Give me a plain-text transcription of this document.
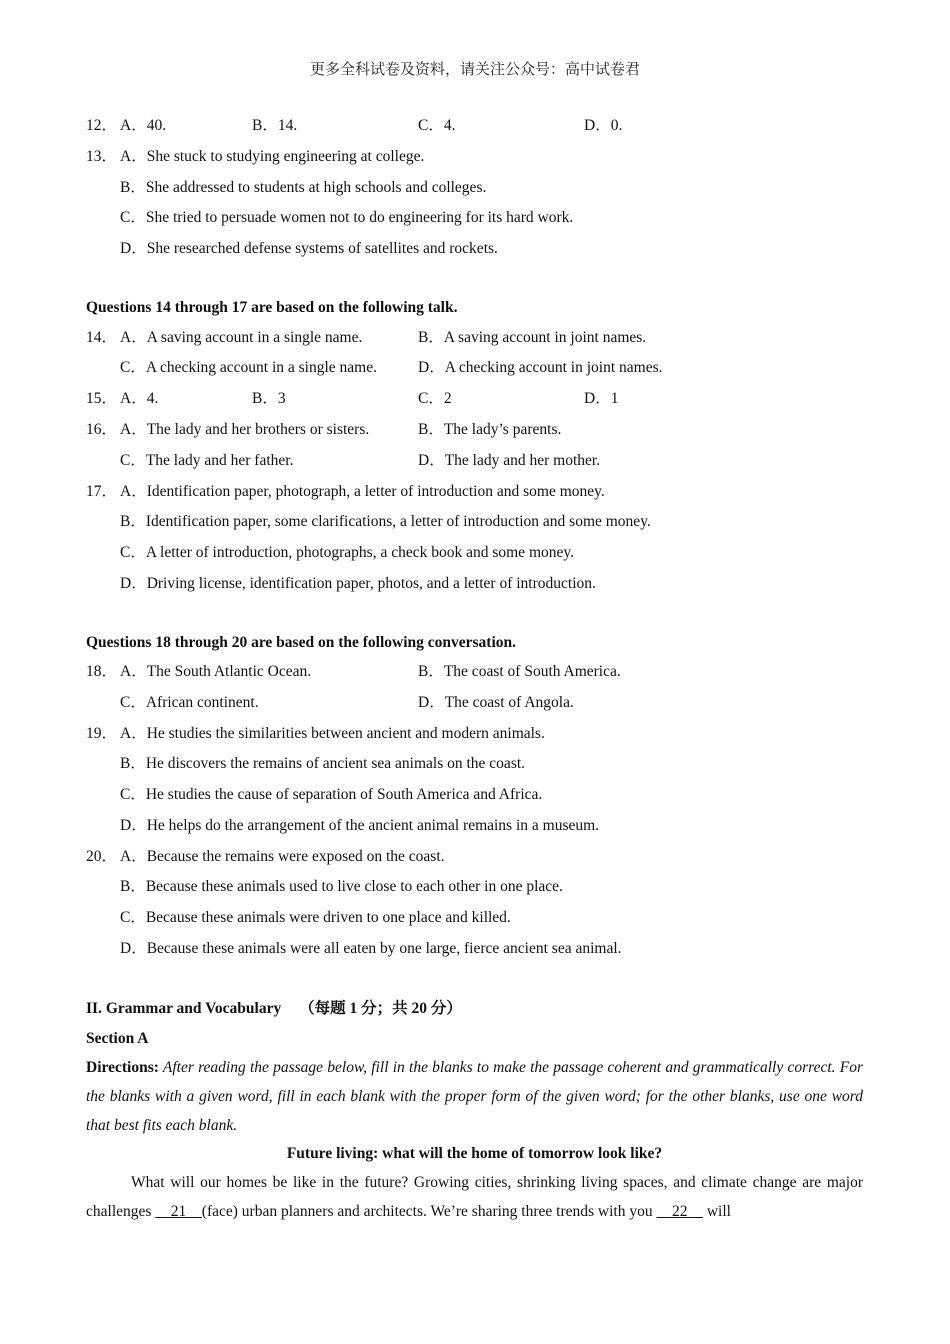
更多全科试卷及资料，请关注公众号：高中试卷君
12． A．40.	B．14.	C．4.	D．0.
13． A．She stuck to studying engineering at college.
B．She addressed to students at high schools and colleges.
C．She tried to persuade women not to do engineering for its hard work.
D．She researched defense systems of satellites and rockets.
Questions 14 through 17 are based on the following talk.
14． A．A saving account in a single name.	B．A saving account in joint names.
C．A checking account in a single name.	D．A checking account in joint names.
15． A．4.	B．3	C．2	D．1
16． A．The lady and her brothers or sisters.	B．The lady’s parents.
C．The lady and her father.	D．The lady and her mother.
17． A．Identification paper, photograph, a letter of introduction and some money.
B．Identification paper, some clarifications, a letter of introduction and some money.
C．A letter of introduction, photographs, a check book and some money.
D．Driving license, identification paper, photos, and a letter of introduction.
Questions 18 through 20 are based on the following conversation.
18． A．The South Atlantic Ocean.	B．The coast of South America.
C．African continent.	D．The coast of Angola.
19． A．He studies the similarities between ancient and modern animals.
B．He discovers the remains of ancient sea animals on the coast.
C．He studies the cause of separation of South America and Africa.
D．He helps do the arrangement of the ancient animal remains in a museum.
20． A．Because the remains were exposed on the coast.
B．Because these animals used to live close to each other in one place.
C．Because these animals were driven to one place and killed.
D．Because these animals were all eaten by one large, fierce ancient sea animal.
II. Grammar and Vocabulary （每题 1 分；共 20 分）
Section A
Directions: After reading the passage below, fill in the blanks to make the passage coherent and grammatically correct. For the blanks with a given word, fill in each blank with the proper form of the given word; for the other blanks, use one word that best fits each blank.
Future living: what will the home of tomorrow look like?
What will our homes be like in the future? Growing cities, shrinking living spaces, and climate change are major challenges     21    (face) urban planners and architects. We’re sharing three trends with you     22     will
